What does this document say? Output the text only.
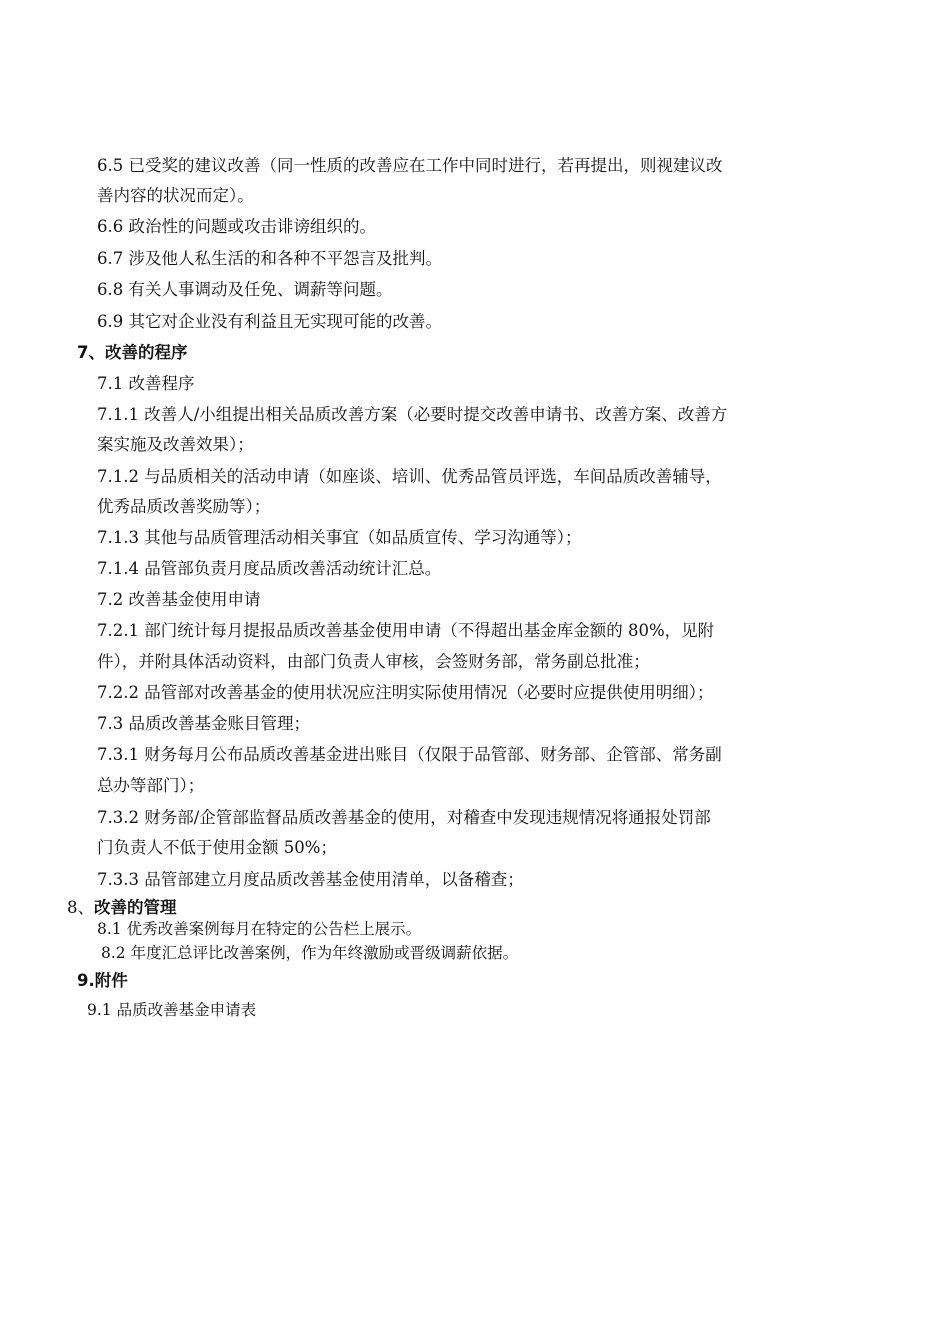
6.5 已受奖的建议改善（同一性质的改善应在工作中同时进行，若再提出，则视建议改
善内容的状况而定）。
6.6 政治性的问题或攻击诽谤组织的。
6.7 涉及他人私生活的和各种不平怨言及批判。
6.8 有关人事调动及任免、调薪等问题。
6.9 其它对企业没有利益且无实现可能的改善。
7、改善的程序
7.1 改善程序
7.1.1 改善人/小组提出相关品质改善方案（必要时提交改善申请书、改善方案、改善方
案实施及改善效果）；
7.1.2 与品质相关的活动申请（如座谈、培训、优秀品管员评选，车间品质改善辅导，
优秀品质改善奖励等）；
7.1.3 其他与品质管理活动相关事宜（如品质宣传、学习沟通等）；
7.1.4 品管部负责月度品质改善活动统计汇总。
7.2 改善基金使用申请
7.2.1 部门统计每月提报品质改善基金使用申请（不得超出基金库金额的 80%，见附
件），并附具体活动资料，由部门负责人审核，会签财务部，常务副总批准；
7.2.2 品管部对改善基金的使用状况应注明实际使用情况（必要时应提供使用明细）；
7.3 品质改善基金账目管理；
7.3.1 财务每月公布品质改善基金进出账目（仅限于品管部、财务部、企管部、常务副
总办等部门）；
7.3.2 财务部/企管部监督品质改善基金的使用，对稽查中发现违规情况将通报处罚部
门负责人不低于使用金额 50%；
7.3.3 品管部建立月度品质改善基金使用清单，以备稽查；
8、改善的管理
8.1 优秀改善案例每月在特定的公告栏上展示。
8.2 年度汇总评比改善案例，作为年终激励或晋级调薪依据。
9.附件
9.1 品质改善基金申请表
